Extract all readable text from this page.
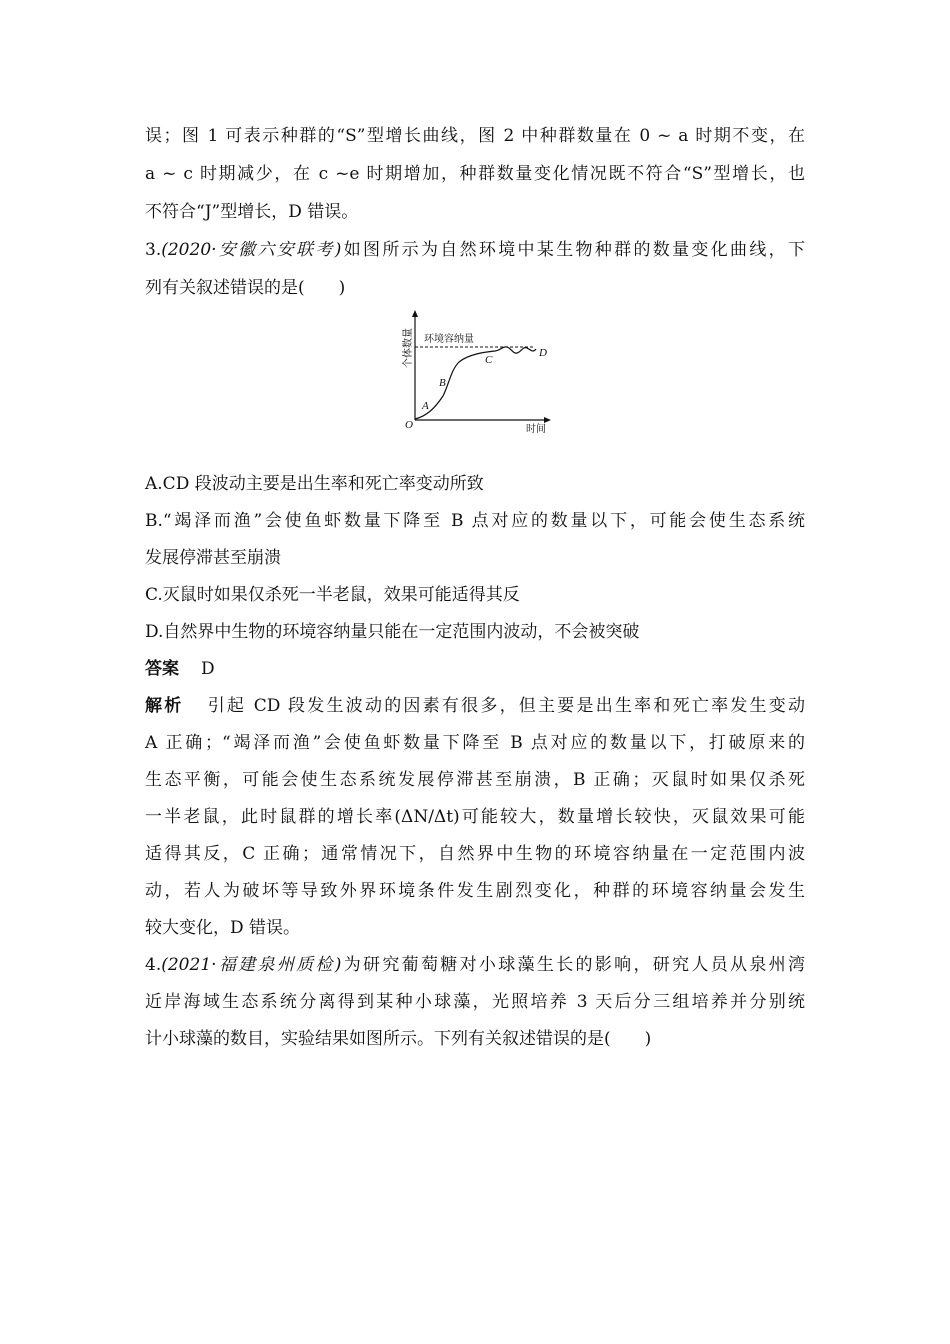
误；图 1 可表示种群的“S”型增长曲线，图 2 中种群数量在 0 ~ a 时期不变，在
a ~ c 时期减少，在 c ~e 时期增加，种群数量变化情况既不符合“S”型增长，也
不符合“J”型增长，D 错误。
3.(2020·安徽六安联考)如图所示为自然环境中某生物种群的数量变化曲线，下
列有关叙述错误的是(　　)
个体数量
时间
环境容纳量
O
A
B
C
D
A.CD 段波动主要是出生率和死亡率变动所致
B.“竭泽而渔”会使鱼虾数量下降至 B 点对应的数量以下，可能会使生态系统
发展停滞甚至崩溃
C.灭鼠时如果仅杀死一半老鼠，效果可能适得其反
D.自然界中生物的环境容纳量只能在一定范围内波动，不会被突破
答案 D
解析 引起 CD 段发生波动的因素有很多，但主要是出生率和死亡率发生变动
A 正确；“竭泽而渔”会使鱼虾数量下降至 B 点对应的数量以下，打破原来的
生态平衡，可能会使生态系统发展停滞甚至崩溃，B 正确；灭鼠时如果仅杀死
一半老鼠，此时鼠群的增长率(ΔN/Δt)可能较大，数量增长较快，灭鼠效果可能
适得其反，C 正确；通常情况下，自然界中生物的环境容纳量在一定范围内波
动，若人为破坏等导致外界环境条件发生剧烈变化，种群的环境容纳量会发生
较大变化，D 错误。
4.(2021·福建泉州质检)为研究葡萄糖对小球藻生长的影响，研究人员从泉州湾
近岸海域生态系统分离得到某种小球藻，光照培养 3 天后分三组培养并分别统
计小球藻的数目，实验结果如图所示。下列有关叙述错误的是(　　)
